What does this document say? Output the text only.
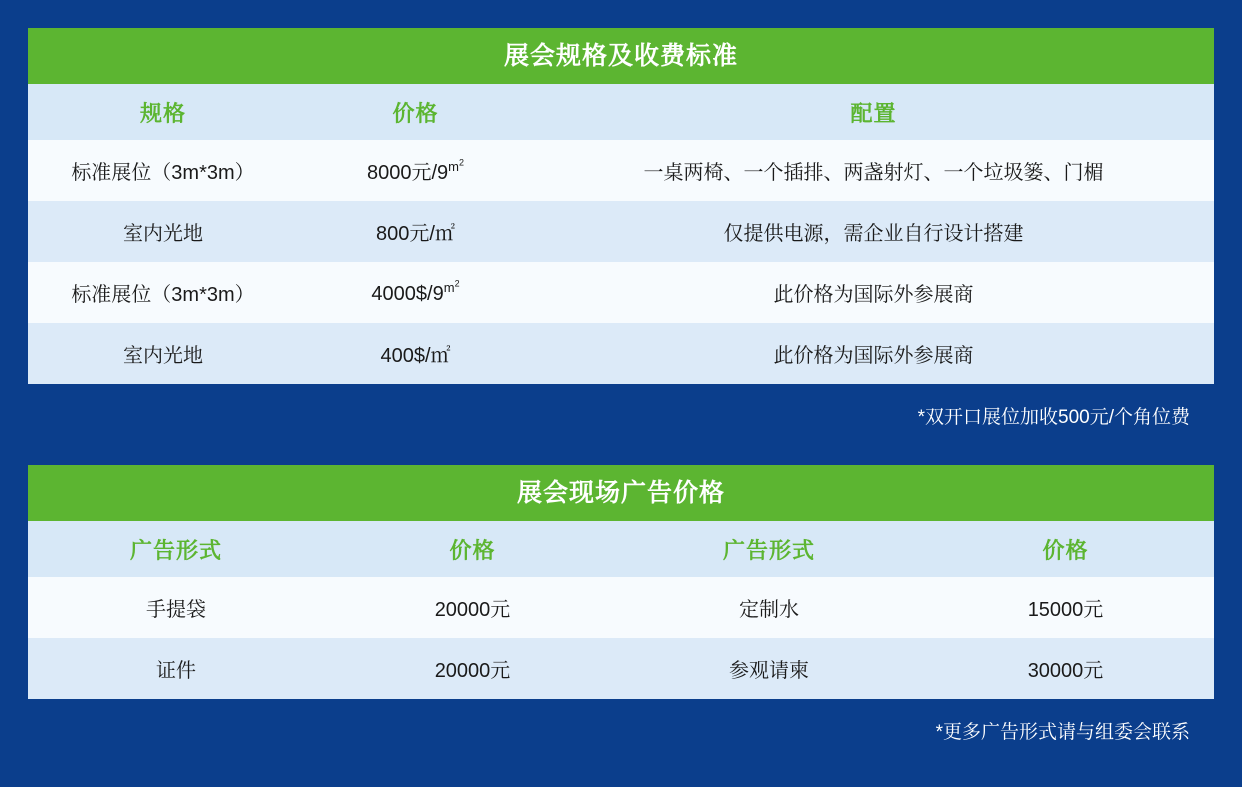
展会规格及收费标准
规格	价格	配置
标准展位（3m*3m）	8000元$/9^{m^2}$	一桌两椅、一个插排、两盏射灯、一个垃圾篓、门楣
室内光地	800元/㎡	仅提供电源，需企业自行设计搭建
标准展位（3m*3m）	$4000\$/9^{m^2}$	此价格为国际外参展商
室内光地	400$/㎡	此价格为国际外参展商
*双开口展位加收500元/个角位费
展会现场广告价格
广告形式	价格	广告形式	价格
手提袋	20000元	定制水	15000元
证件	20000元	参观请柬	30000元
*更多广告形式请与组委会联系
